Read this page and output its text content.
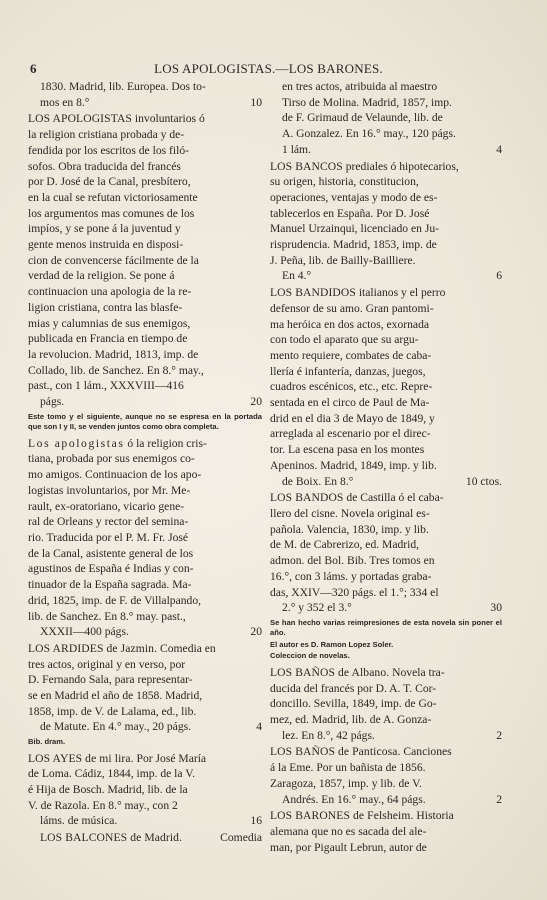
6	LOS APOLOGISTAS.—LOS BARONES.
1830. Madrid, lib. Europea. Dos to-
mos en 8.°	10
LOS APOLOGISTAS involuntarios ó
la religion cristiana probada y de-
fendida por los escritos de los filó-
sofos. Obra traducida del francés
por D. José de la Canal, presbítero,
en la cual se refutan victoriosamente
los argumentos mas comunes de los
impíos, y se pone á la juventud y
gente menos instruida en disposi-
cion de convencerse fácilmente de la
verdad de la religion. Se pone á
continuacion una apologia de la re-
ligion cristiana, contra las blasfe-
mias y calumnias de sus enemigos,
publicada en Francia en tiempo de
la revolucion. Madrid, 1813, imp. de
Collado, lib. de Sanchez. En 8.° may.,
past., con 1 lám., XXXVIII—416
págs.	20
Este tomo y el siguiente, aunque no se espresa en la portada que son I y II, se venden juntos como obra completa.
Los apologistas ó la religion cris-
tiana, probada por sus enemigos co-
mo amigos. Continuacion de los apo-
logistas involuntarios, por Mr. Me-
rault, ex-oratoriano, vicario gene-
ral de Orleans y rector del semina-
rio. Traducida por el P. M. Fr. José
de la Canal, asistente general de los
agustinos de España é Indias y con-
tinuador de la España sagrada. Ma-
drid, 1825, imp. de F. de Villalpando,
lib. de Sanchez. En 8.° may. past.,
XXXII—400 págs.	20
LOS ARDIDES de Jazmin. Comedia en
tres actos, original y en verso, por
D. Fernando Sala, para representar-
se en Madrid el año de 1858. Madrid,
1858, imp. de V. de Lalama, ed., lib.
de Matute. En 4.° may., 20 págs.	4
Bib. dram.
LOS AYES de mi lira. Por José María
de Loma. Cádiz, 1844, imp. de la V.
é Hija de Bosch. Madrid, lib. de la
V. de Razola. En 8.° may., con 2
láms. de música.	16
LOS BALCONES de Madrid.	Comedia
en tres actos, atribuida al maestro
Tirso de Molina. Madrid, 1857, imp.
de F. Grimaud de Velaunde, lib. de
A. Gonzalez. En 16.° may., 120 págs.
1 lám.	4
LOS BANCOS prediales ó hipotecarios,
su origen, historia, constitucion,
operaciones, ventajas y modo de es-
tablecerlos en España. Por D. José
Manuel Urzainqui, licenciado en Ju-
risprudencia. Madrid, 1853, imp. de
J. Peña, lib. de Bailly-Bailliere.
En 4.°	6
LOS BANDIDOS italianos y el perro
defensor de su amo. Gran pantomi-
ma heróica en dos actos, exornada
con todo el aparato que su argu-
mento requiere, combates de caba-
llería é infantería, danzas, juegos,
cuadros escénicos, etc., etc. Repre-
sentada en el circo de Paul de Ma-
drid en el dia 3 de Mayo de 1849, y
arreglada al escenario por el direc-
tor. La escena pasa en los montes
Apeninos. Madrid, 1849, imp. y lib.
de Boix. En 8.°	10 ctos.
LOS BANDOS de Castilla ó el caba-
llero del cisne. Novela original es-
pañola. Valencia, 1830, imp. y lib.
de M. de Cabrerizo, ed. Madrid,
admon. del Bol. Bib. Tres tomos en
16.°, con 3 láms. y portadas graba-
das, XXIV—320 págs. el 1.°; 334 el
2.° y 352 el 3.°	30
Se han hecho varias reimpresiones de esta novela sin poner el año.
El autor es D. Ramon Lopez Soler.
Coleccion de novelas.
LOS BAÑOS de Albano. Novela tra-
ducida del francés por D. A. T. Cor-
doncillo. Sevilla, 1849, imp. de Go-
mez, ed. Madrid, lib. de A. Gonza-
lez. En 8.°, 42 págs.	2
LOS BAÑOS de Panticosa. Canciones
á la Eme. Por un bañista de 1856.
Zaragoza, 1857, imp. y lib. de V.
Andrés. En 16.° may., 64 págs.	2
LOS BARONES de Felsheim. Historia
alemana que no es sacada del ale-
man, por Pigault Lebrun, autor de
